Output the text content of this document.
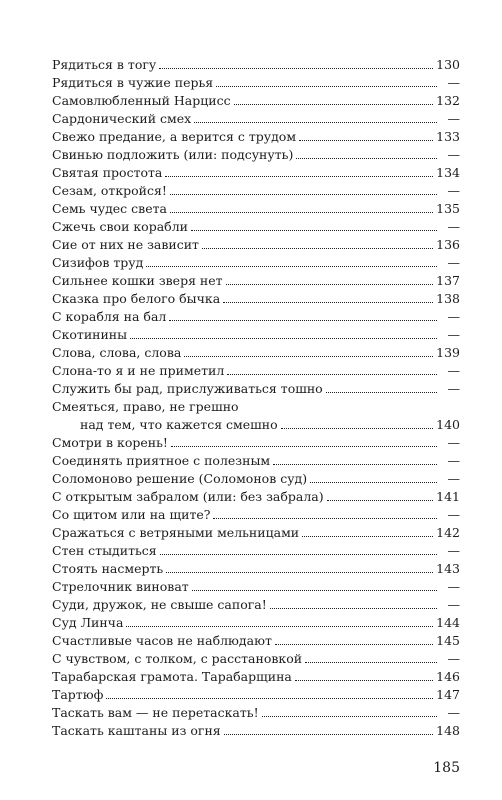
Рядиться в тогу	130
Рядиться в чужие перья	—
Самовлюбленный Нарцисс	132
Сардонический смех	—
Свежо предание, а верится с трудом	133
Свинью подложить (или: подсунуть)	—
Святая простота	134
Сезам, откройся!	—
Семь чудес света	135
Сжечь свои корабли	—
Сие от них не зависит	136
Сизифов труд	—
Сильнее кошки зверя нет	137
Сказка про белого бычка	138
С корабля на бал	—
Скотинины	—
Слова, слова, слова	139
Слона-то я и не приметил	—
Служить бы рад, прислуживаться тошно	—
Смеяться, право, не грешно
над тем, что кажется смешно	140
Смотри в корень!	—
Соединять приятное с полезным	—
Соломоново решение (Соломонов суд)	—
С открытым забралом (или: без забрала)	141
Со щитом или на щите?	—
Сражаться с ветряными мельницами	142
Стен стыдиться	—
Стоять насмерть	143
Стрелочник виноват	—
Суди, дружок, не свыше сапога!	—
Суд Линча	144
Счастливые часов не наблюдают	145
С чувством, с толком, с расстановкой	—
Тарабарская грамота. Тарабарщина	146
Тартюф	147
Таскать вам — не перетаскать!	—
Таскать каштаны из огня	148
185
